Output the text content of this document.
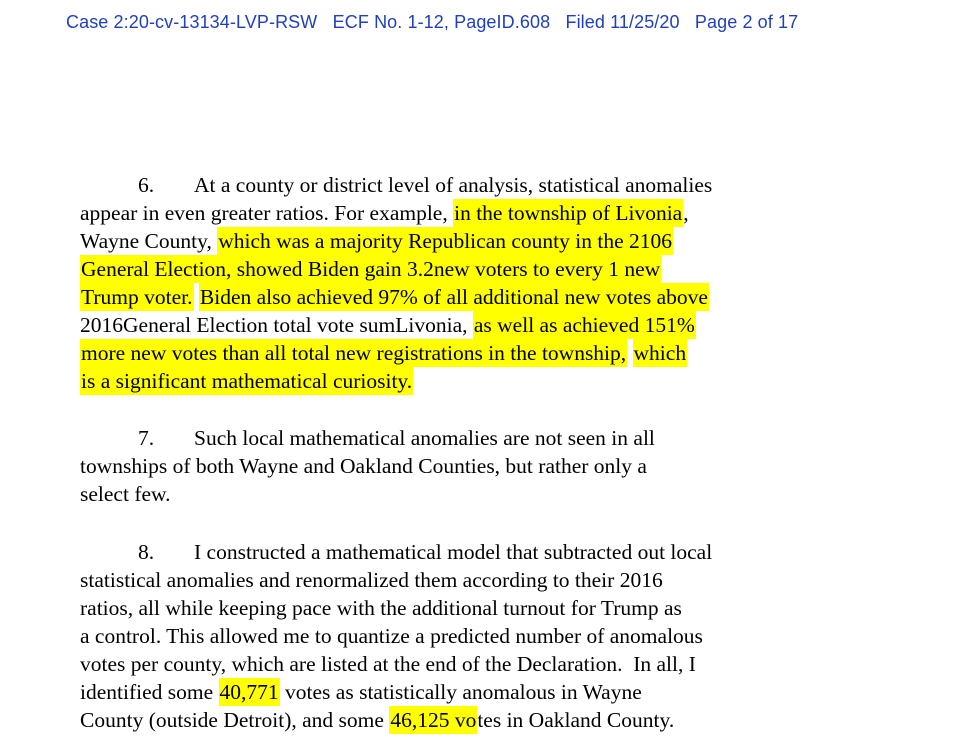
Case 2:20-cv-13134-LVP-RSW   ECF No. 1-12, PageID.608   Filed 11/25/20   Page 2 of 17
6. At a county or district level of analysis, statistical anomalies
appear in even greater ratios. For example, in the township of Livonia,
Wayne County, which was a majority Republican county in the 2106
General Election, showed Biden gain 3.2new voters to every 1 new
Trump voter. Biden also achieved 97% of all additional new votes above
2016General Election total vote sumLivonia, as well as achieved 151%
more new votes than all total new registrations in the township, which
is a significant mathematical curiosity.
7. Such local mathematical anomalies are not seen in all
townships of both Wayne and Oakland Counties, but rather only a
select few.
8. I constructed a mathematical model that subtracted out local
statistical anomalies and renormalized them according to their 2016
ratios, all while keeping pace with the additional turnout for Trump as
a control. This allowed me to quantize a predicted number of anomalous
votes per county, which are listed at the end of the Declaration.  In all, I
identified some 40,771 votes as statistically anomalous in Wayne
County (outside Detroit), and some 46,125 votes in Oakland County.
